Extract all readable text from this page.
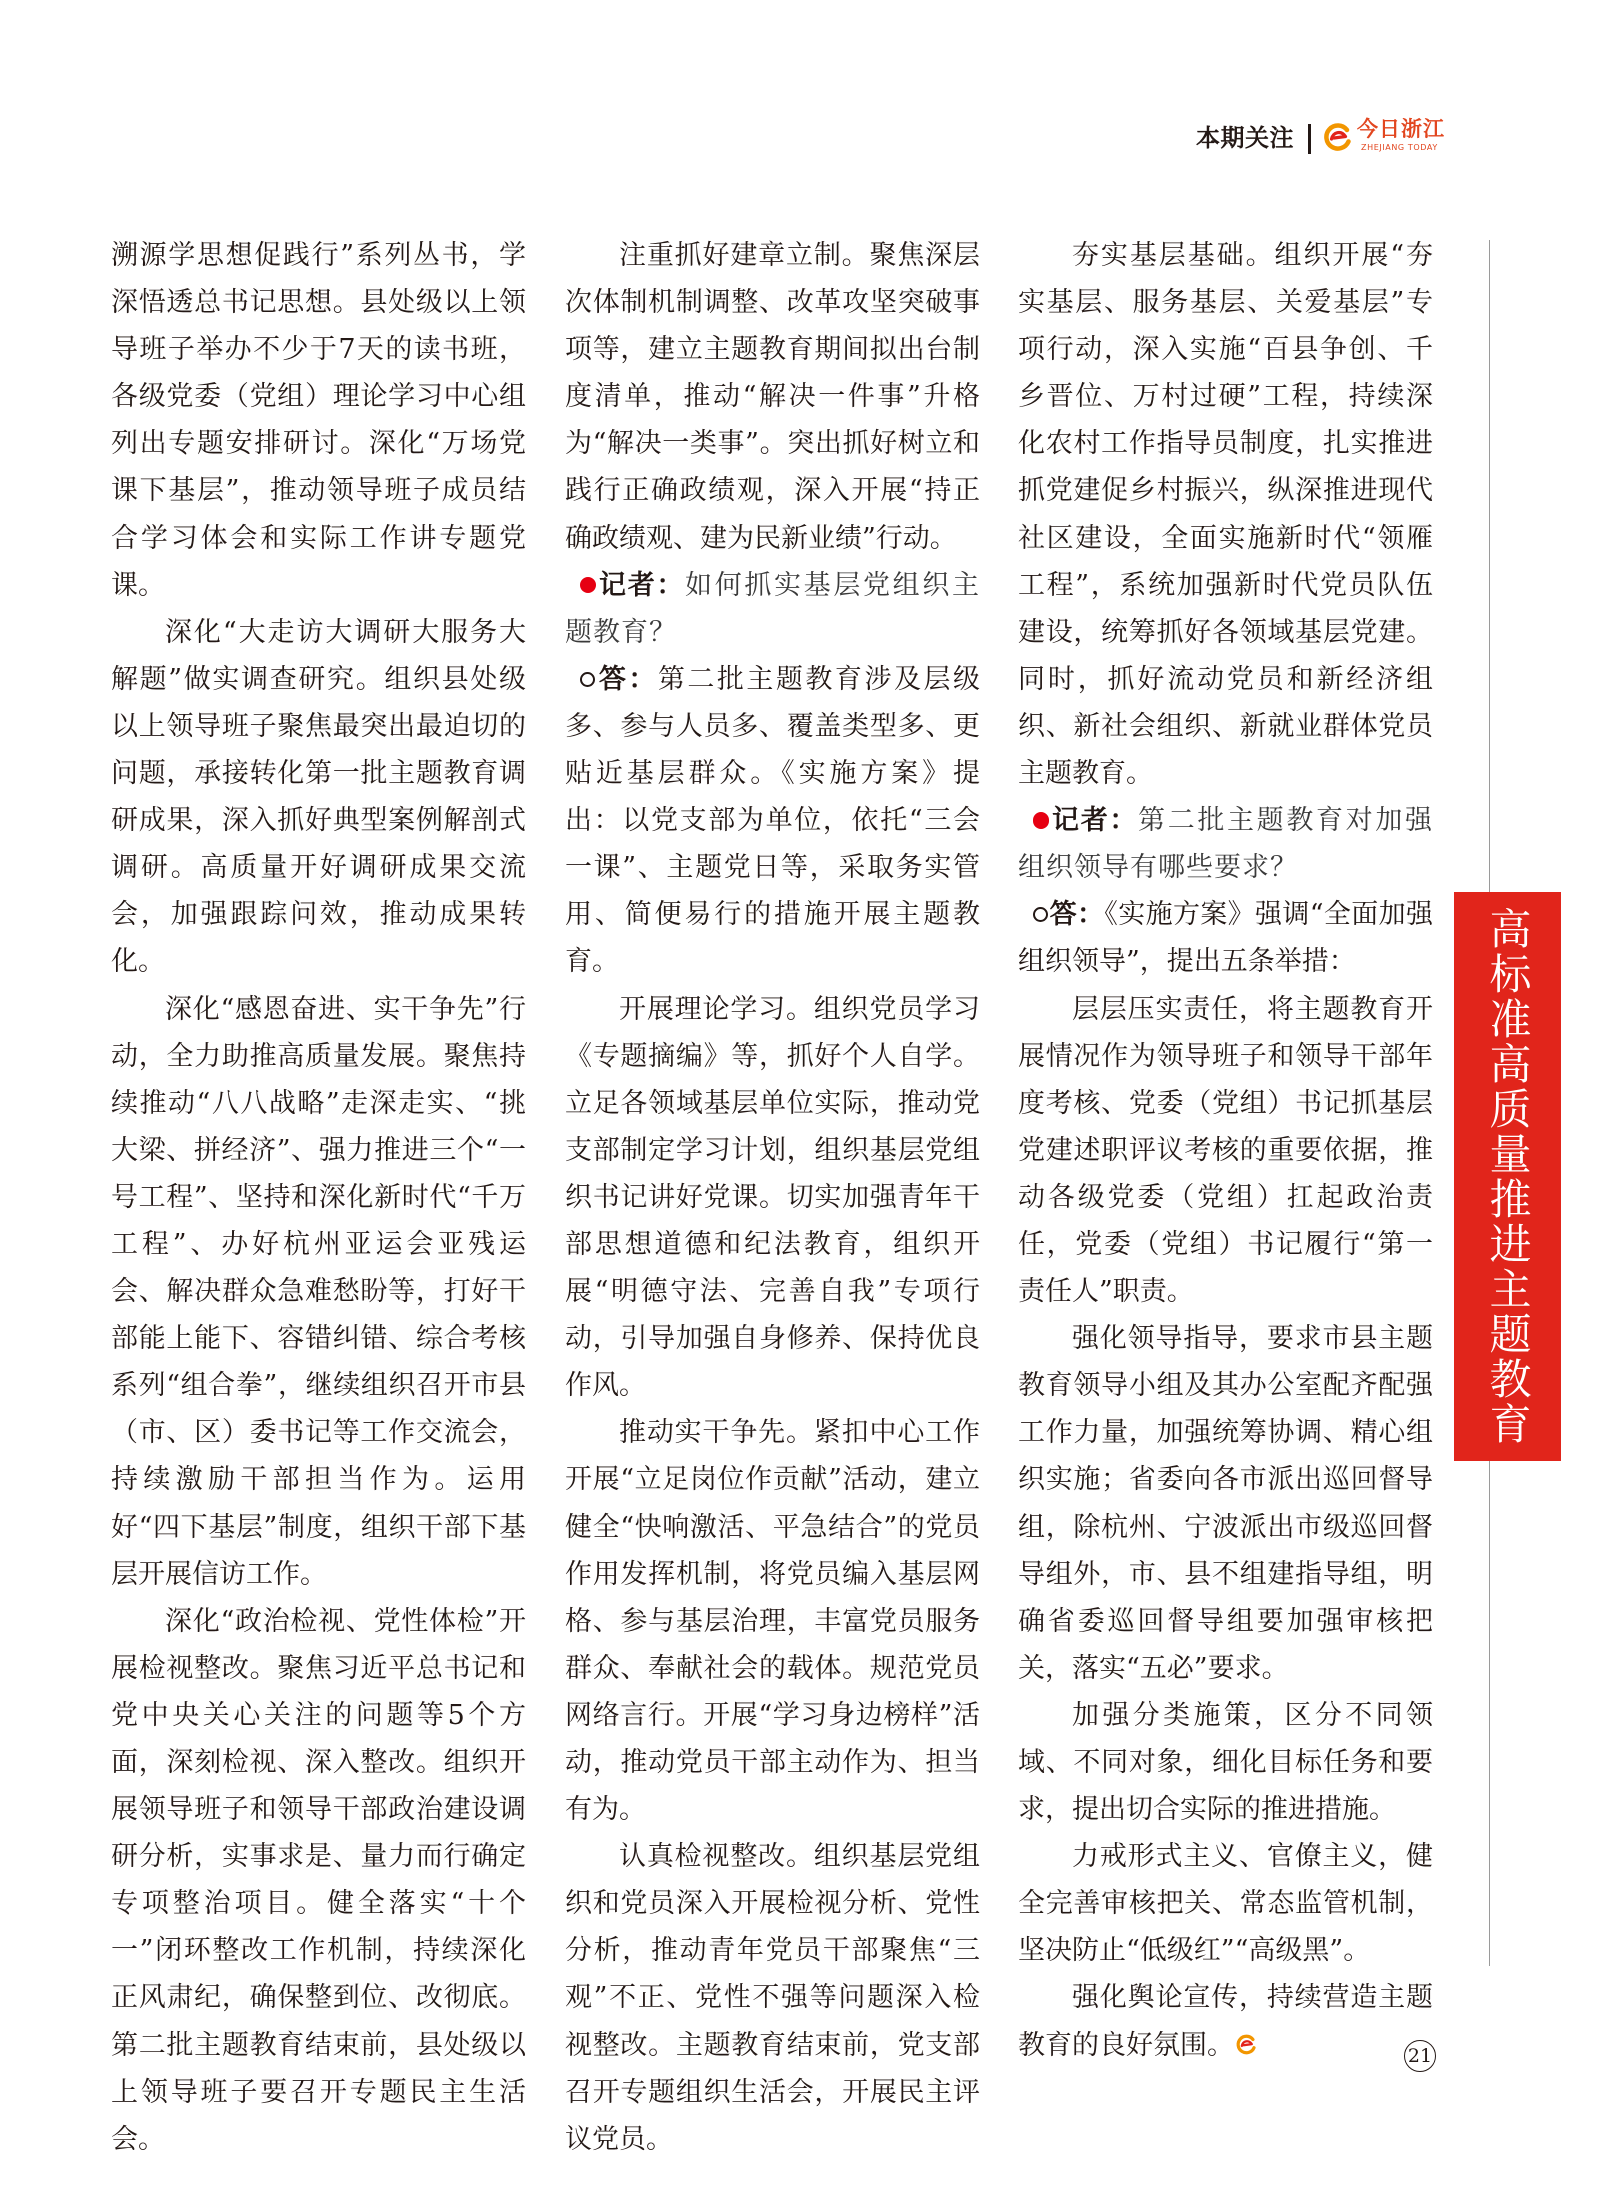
本期关注	今日浙江
ZHEJIANG TODAY

溯源学思想促践行”系列丛书，学深悟透总书记思想。县处级以上领导班子举办不少于7天的读书班，各级党委（党组）理论学习中心组列出专题安排研讨。深化“万场党课下基层”，推动领导班子成员结合学习体会和实际工作讲专题党课。

深化“大走访大调研大服务大解题”做实调查研究。组织县处级以上领导班子聚焦最突出最迫切的问题，承接转化第一批主题教育调研成果，深入抓好典型案例解剖式调研。高质量开好调研成果交流会，加强跟踪问效，推动成果转化。

深化“感恩奋进、实干争先”行动，全力助推高质量发展。聚焦持续推动“八八战略”走深走实、“挑大梁、拼经济”、强力推进三个“一号工程”、坚持和深化新时代“千万工程”、办好杭州亚运会亚残运会、解决群众急难愁盼等，打好干部能上能下、容错纠错、综合考核系列“组合拳”，继续组织召开市县（市、区）委书记等工作交流会，持续激励干部担当作为。运用好“四下基层”制度，组织干部下基层开展信访工作。

深化“政治检视、党性体检”开展检视整改。聚焦习近平总书记和党中央关心关注的问题等5个方面，深刻检视、深入整改。组织开展领导班子和领导干部政治建设调研分析，实事求是、量力而行确定专项整治项目。健全落实“十个一”闭环整改工作机制，持续深化正风肃纪，确保整到位、改彻底。第二批主题教育结束前，县处级以上领导班子要召开专题民主生活会。

注重抓好建章立制。聚焦深层次体制机制调整、改革攻坚突破事项等，建立主题教育期间拟出台制度清单，推动“解决一件事”升格为“解决一类事”。突出抓好树立和践行正确政绩观，深入开展“持正确政绩观、建为民新业绩”行动。

记者：如何抓实基层党组织主题教育？

答：第二批主题教育涉及层级多、参与人员多、覆盖类型多、更贴近基层群众。《实施方案》提出：以党支部为单位，依托“三会一课”、主题党日等，采取务实管用、简便易行的措施开展主题教育。

开展理论学习。组织党员学习《专题摘编》等，抓好个人自学。立足各领域基层单位实际，推动党支部制定学习计划，组织基层党组织书记讲好党课。切实加强青年干部思想道德和纪法教育，组织开展“明德守法、完善自我”专项行动，引导加强自身修养、保持优良作风。

推动实干争先。紧扣中心工作开展“立足岗位作贡献”活动，建立健全“快响激活、平急结合”的党员作用发挥机制，将党员编入基层网格、参与基层治理，丰富党员服务群众、奉献社会的载体。规范党员网络言行。开展“学习身边榜样”活动，推动党员干部主动作为、担当有为。

认真检视整改。组织基层党组织和党员深入开展检视分析、党性分析，推动青年党员干部聚焦“三观”不正、党性不强等问题深入检视整改。主题教育结束前，党支部召开专题组织生活会，开展民主评议党员。

夯实基层基础。组织开展“夯实基层、服务基层、关爱基层”专项行动，深入实施“百县争创、千乡晋位、万村过硬”工程，持续深化农村工作指导员制度，扎实推进抓党建促乡村振兴，纵深推进现代社区建设，全面实施新时代“领雁工程”，系统加强新时代党员队伍建设，统筹抓好各领域基层党建。同时，抓好流动党员和新经济组织、新社会组织、新就业群体党员主题教育。

记者：第二批主题教育对加强组织领导有哪些要求？

答：《实施方案》强调“全面加强组织领导”，提出五条举措：

层层压实责任，将主题教育开展情况作为领导班子和领导干部年度考核、党委（党组）书记抓基层党建述职评议考核的重要依据，推动各级党委（党组）扛起政治责任，党委（党组）书记履行“第一责任人”职责。

强化领导指导，要求市县主题教育领导小组及其办公室配齐配强工作力量，加强统筹协调、精心组织实施；省委向各市派出巡回督导组，除杭州、宁波派出市级巡回督导组外，市、县不组建指导组，明确省委巡回督导组要加强审核把关，落实“五必”要求。

加强分类施策，区分不同领域、不同对象，细化目标任务和要求，提出切合实际的推进措施。

力戒形式主义、官僚主义，健全完善审核把关、常态监管机制，坚决防止“低级红”“高级黑”。

强化舆论宣传，持续营造主题教育的良好氛围。

高标准高质量推进主题教育
21
